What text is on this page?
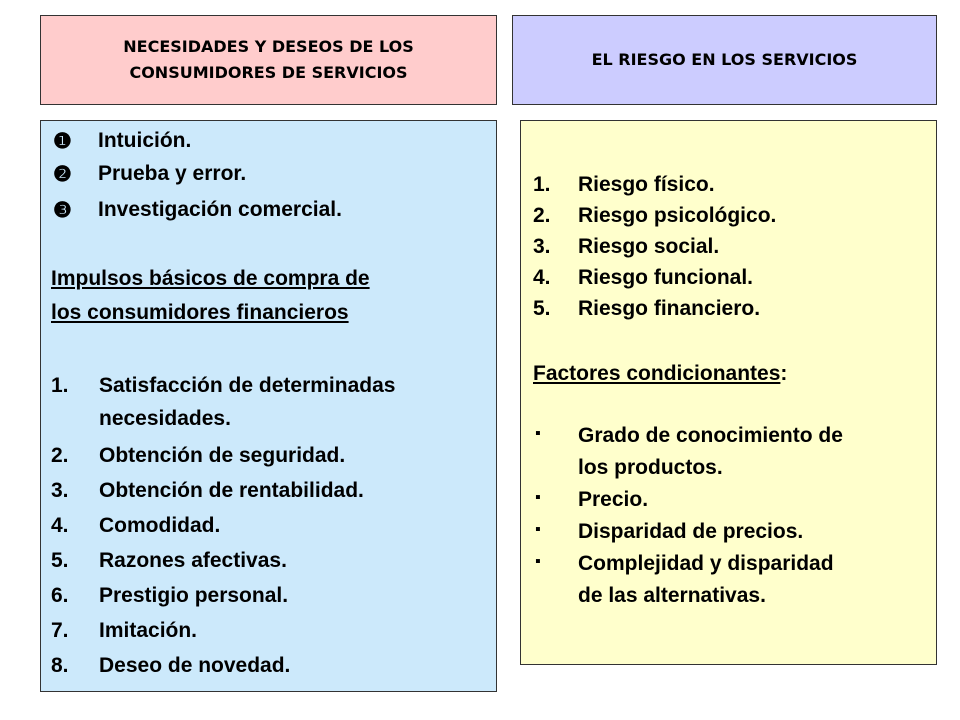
NECESIDADES Y DESEOS DE LOS
CONSUMIDORES DE SERVICIOS
EL RIESGO EN LOS SERVICIOS
❶ Intuición.
❷ Prueba y error.
❸ Investigación comercial.
Impulsos básicos de compra de
los consumidores financieros
1. Satisfacción de determinadas
necesidades.
2. Obtención de seguridad.
3. Obtención de rentabilidad.
4. Comodidad.
5. Razones afectivas.
6. Prestigio personal.
7. Imitación.
8. Deseo de novedad.
1. Riesgo físico.
2. Riesgo psicológico.
3. Riesgo social.
4. Riesgo funcional.
5. Riesgo financiero.
Factores condicionantes:
▪ Grado de conocimiento de
los productos.
▪ Precio.
▪ Disparidad de precios.
▪ Complejidad y disparidad
de las alternativas.
